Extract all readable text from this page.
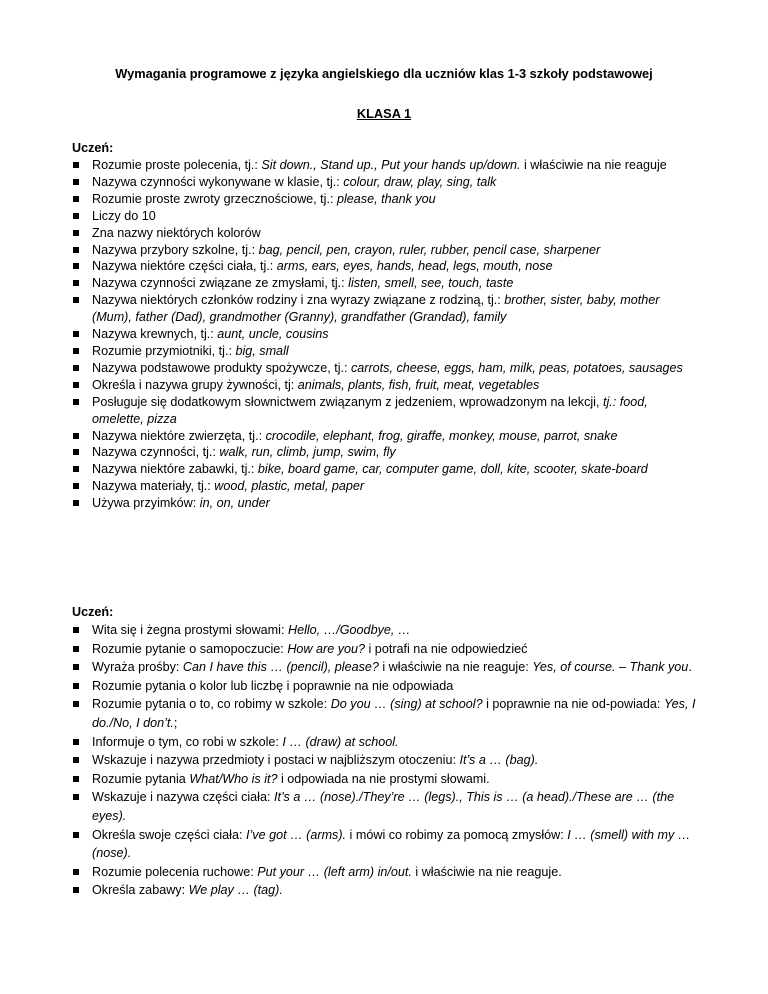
Wymagania programowe z języka angielskiego dla uczniów klas 1-3 szkoły podstawowej
KLASA 1
Uczeń:
Rozumie proste polecenia, tj.: Sit down., Stand up., Put your hands up/down. i właściwie na nie reaguje
Nazywa czynności wykonywane w klasie, tj.: colour, draw, play, sing, talk
Rozumie proste zwroty grzecznościowe, tj.: please, thank you
Liczy do 10
Zna nazwy niektórych kolorów
Nazywa przybory szkolne, tj.: bag, pencil, pen, crayon, ruler, rubber, pencil case, sharpener
Nazywa niektóre części ciała, tj.: arms, ears, eyes, hands, head, legs, mouth, nose
Nazywa czynności związane ze zmysłami, tj.: listen, smell, see, touch, taste
Nazywa niektórych członków rodziny i zna wyrazy związane z rodziną, tj.: brother, sister, baby, mother (Mum), father (Dad), grandmother (Granny), grandfather (Grandad), family
Nazywa krewnych, tj.: aunt, uncle, cousins
Rozumie przymiotniki, tj.: big, small
Nazywa podstawowe produkty spożywcze, tj.: carrots, cheese, eggs, ham, milk, peas, potatoes, sausages
Określa i nazywa grupy żywności, tj: animals, plants, fish, fruit, meat, vegetables
Posługuje się dodatkowym słownictwem związanym z jedzeniem, wprowadzonym na lekcji, tj.: food, omelette, pizza
Nazywa niektóre zwierzęta, tj.: crocodile, elephant, frog, giraffe, monkey, mouse, parrot, snake
Nazywa czynności, tj.: walk, run, climb, jump, swim, fly
Nazywa niektóre zabawki, tj.: bike, board game, car, computer game, doll, kite, scooter, skate-board
Nazywa materiały, tj.: wood, plastic, metal, paper
Używa przyimków: in, on, under
Uczeń:
Wita się i żegna prostymi słowami: Hello, …/Goodbye, …
Rozumie pytanie o samopoczucie: How are you? i potrafi na nie odpowiedzieć
Wyraża prośby: Can I have this … (pencil), please? i właściwie na nie reaguje: Yes, of course. – Thank you.
Rozumie pytania o kolor lub liczbę i poprawnie na nie odpowiada
Rozumie pytania o to, co robimy w szkole: Do you … (sing) at school? i poprawnie na nie od-powiada: Yes, I do./No, I don’t.;
Informuje o tym, co robi w szkole: I … (draw) at school.
Wskazuje i nazywa przedmioty i postaci w najbliższym otoczeniu: It’s a … (bag).
Rozumie pytania What/Who is it? i odpowiada na nie prostymi słowami.
Wskazuje i nazywa części ciała: It’s a … (nose)./They’re … (legs)., This is … (a head)./These are … (the eyes).
Określa swoje części ciała: I’ve got … (arms). i mówi co robimy za pomocą zmysłów: I … (smell) with my … (nose).
Rozumie polecenia ruchowe: Put your … (left arm) in/out. i właściwie na nie reaguje.
Określa zabawy: We play … (tag).
